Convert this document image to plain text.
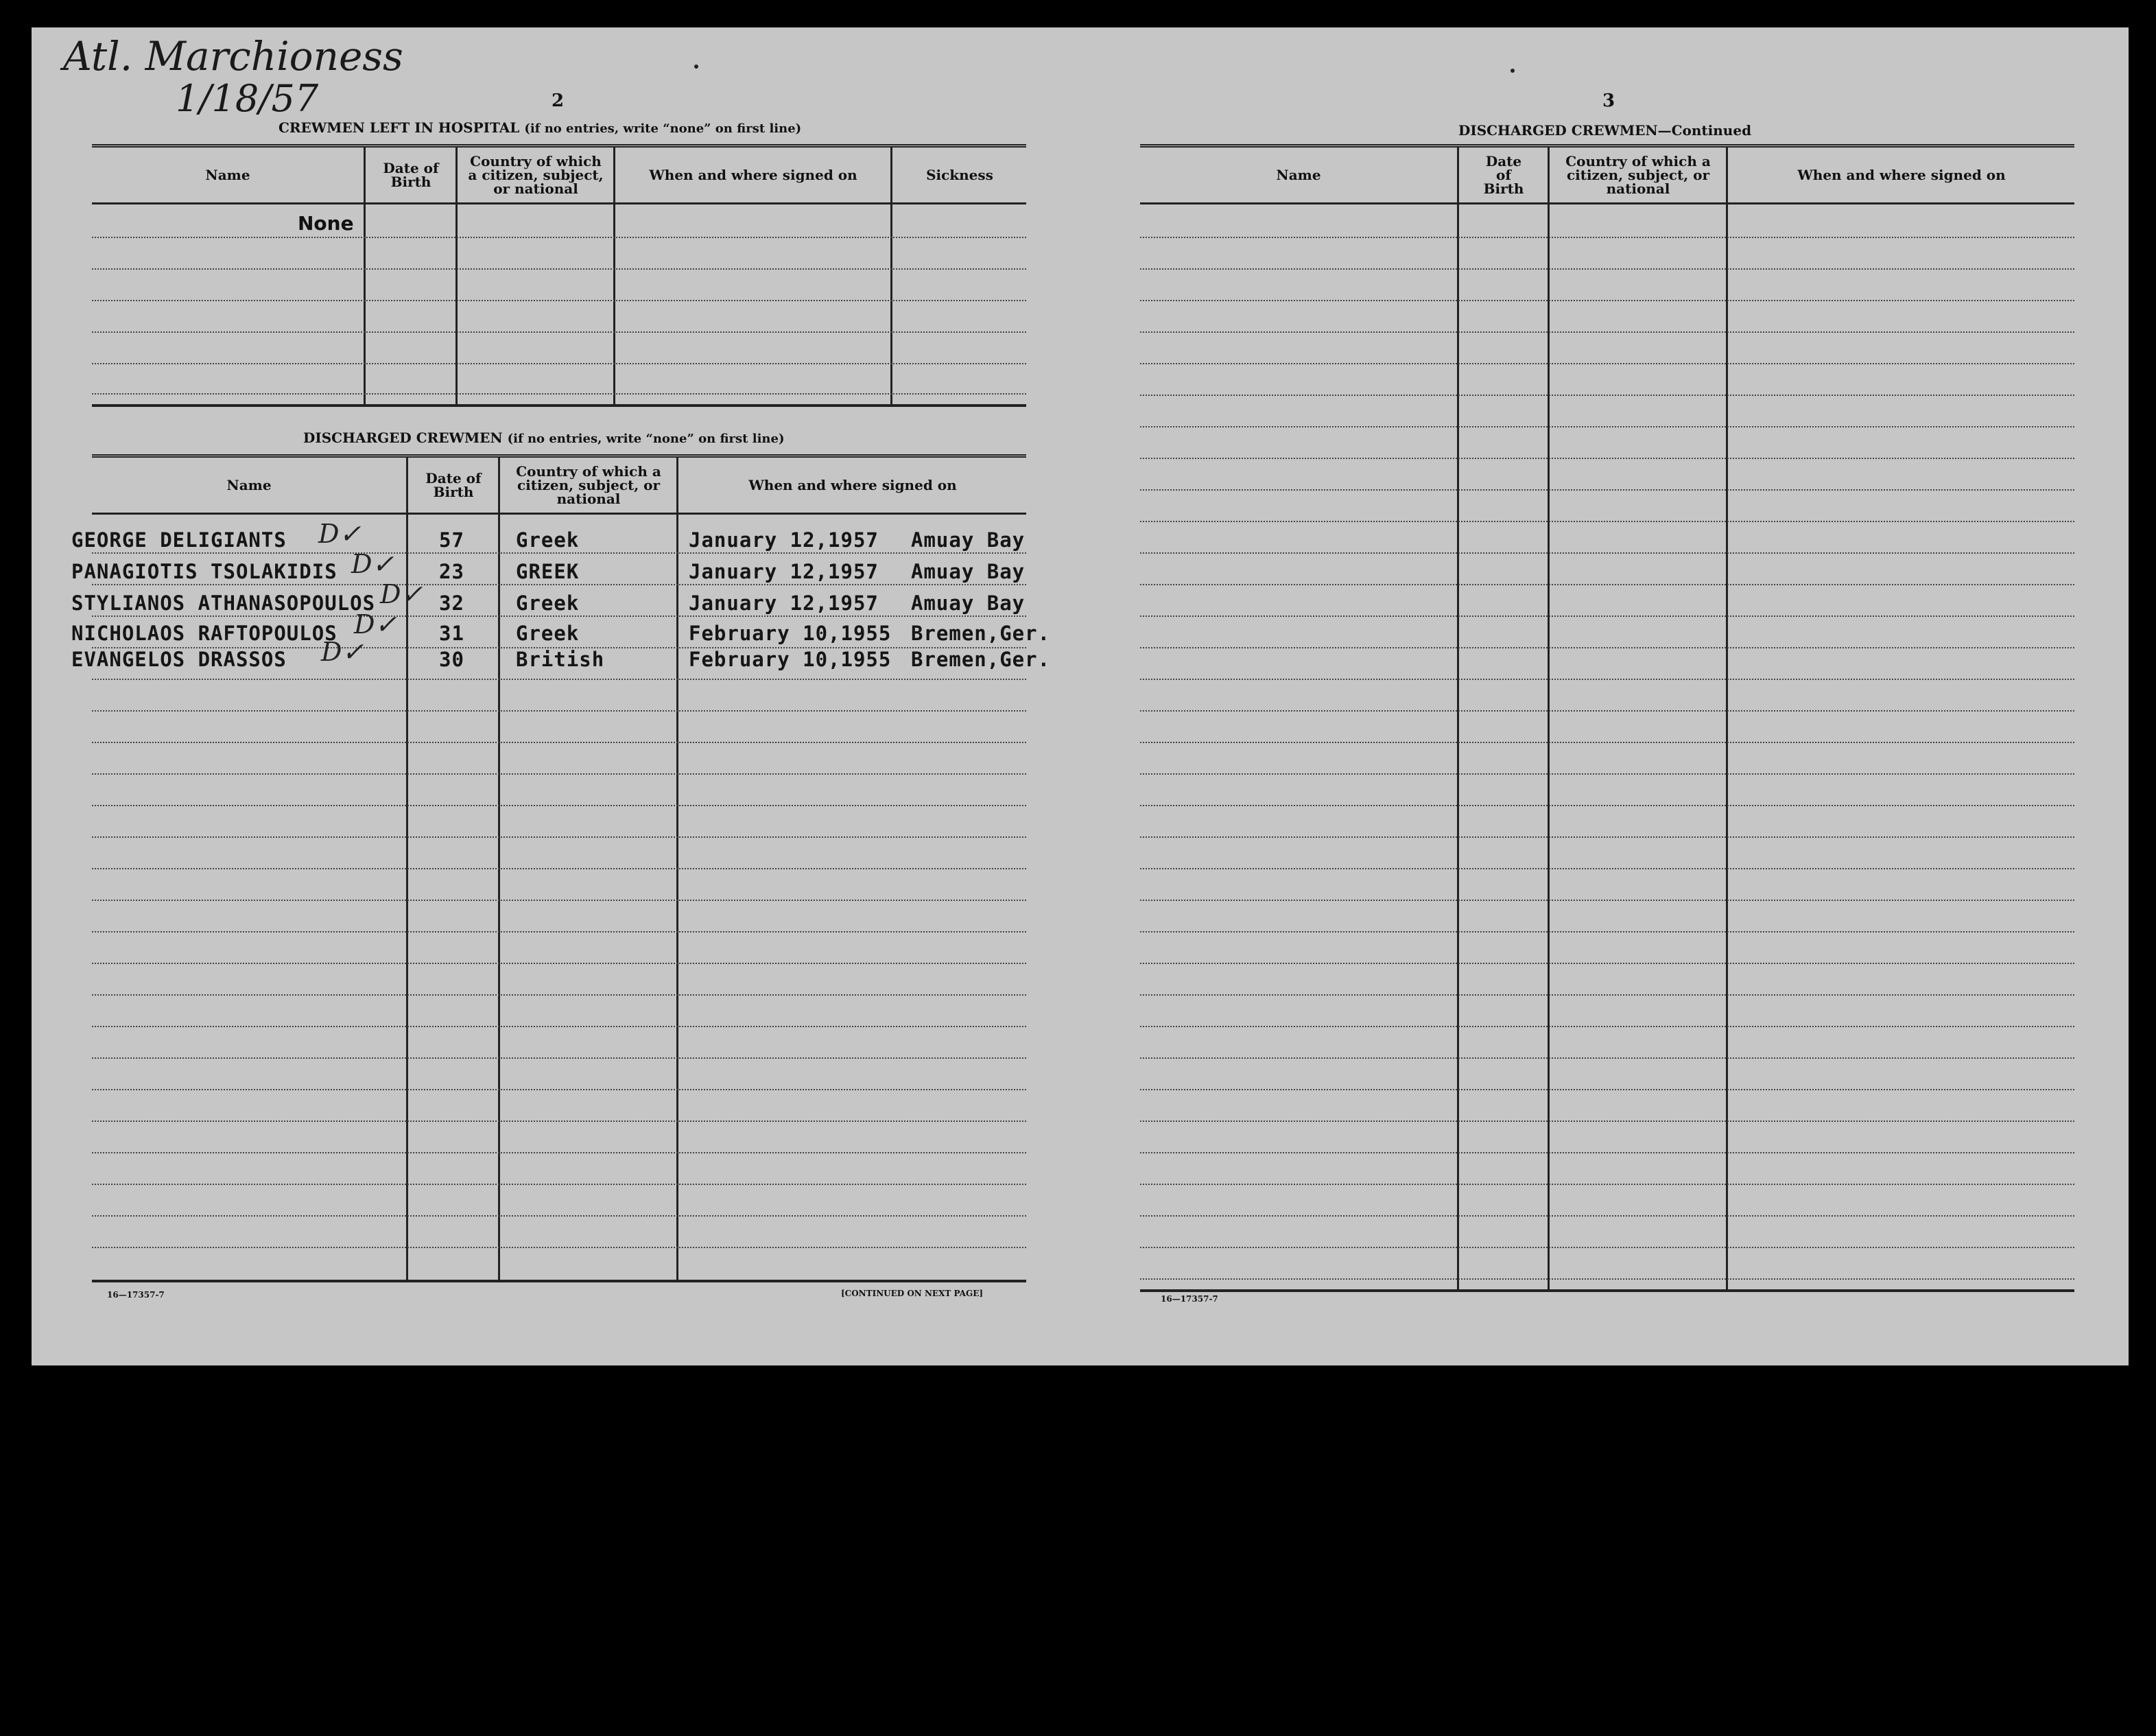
Atl. Marchioness
1/18/57	2
CREWMEN LEFT IN HOSPITAL (if no entries, write “none” on first line)
Name	Date of Birth
Country of which a citizen, subject, or national
When and where signed on	Sickness
None
DISCHARGED CREWMEN (if no entries, write “none” on first line)
Name	Date of Birth
Country of which a citizen, subject, or national
When and where signed on
GEORGE DELIGIANTS D✓	57	Greek	January 12,1957 Amuay Bay
PANAGIOTIS TSOLAKIDIS D✓ 23	GREEK	January 12,1957 Amuay Bay
STYLIANOS ATHANASOPOULOS D✓ 32	Greek	January 12,1957 Amuay Bay
NICHOLAOS RAFTOPOULOS D✓ 31	Greek	February 10,1955 Bremen,Ger.
EVANGELOS DRASSOS D✓	30	British	February 10,1955 Bremen,Ger.
16—17357-7	[CONTINUED ON NEXT PAGE]
3
DISCHARGED CREWMEN—Continued
Name
Date of Birth
Country of which a citizen, subject, or national
When and where signed on
16—17357-7
